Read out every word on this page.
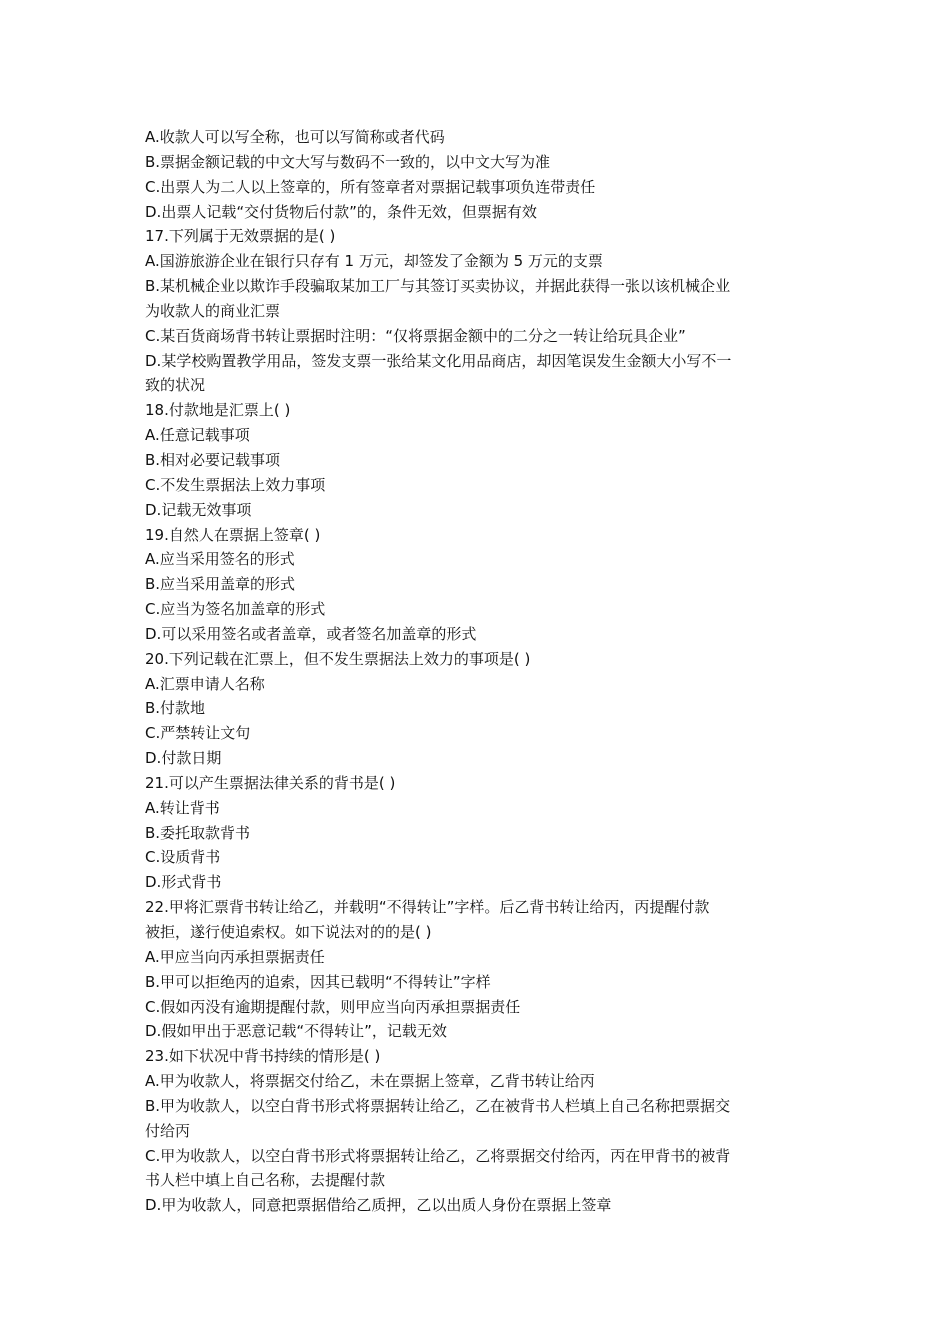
A.收款人可以写全称，也可以写简称或者代码

B.票据金额记载的中文大写与数码不一致的，以中文大写为准

C.出票人为二人以上签章的，所有签章者对票据记载事项负连带责任

D.出票人记载“交付货物后付款”的，条件无效，但票据有效

17.下列属于无效票据的是( )

A.国游旅游企业在银行只存有 1 万元，却签发了金额为 5 万元的支票

B.某机械企业以欺诈手段骗取某加工厂与其签订买卖协议，并据此获得一张以该机械企业

为收款人的商业汇票

C.某百货商场背书转让票据时注明：“仅将票据金额中的二分之一转让给玩具企业”

D.某学校购置教学用品，签发支票一张给某文化用品商店，却因笔误发生金额大小写不一

致的状况

18.付款地是汇票上( )

A.任意记载事项

B.相对必要记载事项

C.不发生票据法上效力事项

D.记载无效事项

19.自然人在票据上签章( )

A.应当采用签名的形式

B.应当采用盖章的形式

C.应当为签名加盖章的形式

D.可以采用签名或者盖章，或者签名加盖章的形式

20.下列记载在汇票上，但不发生票据法上效力的事项是( )

A.汇票申请人名称

B.付款地

C.严禁转让文句

D.付款日期

21.可以产生票据法律关系的背书是( )

A.转让背书

B.委托取款背书

C.设质背书

D.形式背书

22.甲将汇票背书转让给乙，并载明“不得转让”字样。后乙背书转让给丙，丙提醒付款

被拒，遂行使追索权。如下说法对的的是( )

A.甲应当向丙承担票据责任

B.甲可以拒绝丙的追索，因其已载明“不得转让”字样

C.假如丙没有逾期提醒付款，则甲应当向丙承担票据责任

D.假如甲出于恶意记载“不得转让”，记载无效

23.如下状况中背书持续的情形是( )

A.甲为收款人，将票据交付给乙，未在票据上签章，乙背书转让给丙

B.甲为收款人，以空白背书形式将票据转让给乙，乙在被背书人栏填上自己名称把票据交

付给丙

C.甲为收款人，以空白背书形式将票据转让给乙，乙将票据交付给丙，丙在甲背书的被背

书人栏中填上自己名称，去提醒付款

D.甲为收款人，同意把票据借给乙质押，乙以出质人身份在票据上签章
